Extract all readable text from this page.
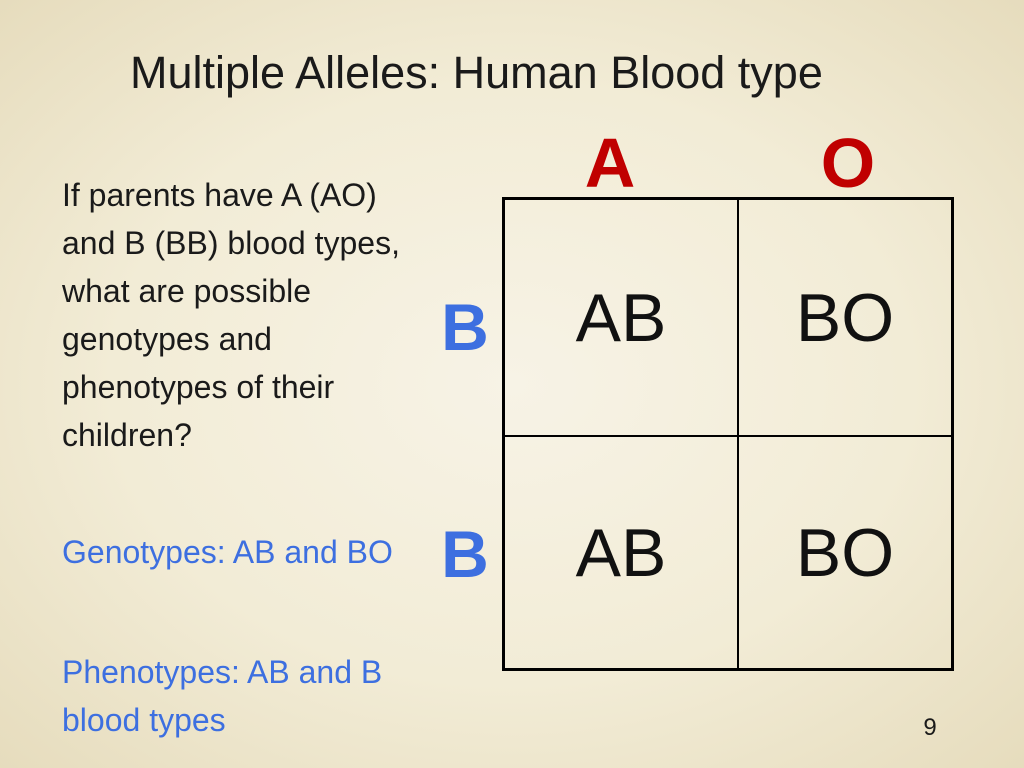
Multiple Alleles: Human Blood type
If parents have A (AO) and B (BB) blood types, what are possible genotypes and phenotypes of their children?
Genotypes: AB and BO
Phenotypes: AB and B blood types
A	O
B
B
AB	BO
AB	BO
9
